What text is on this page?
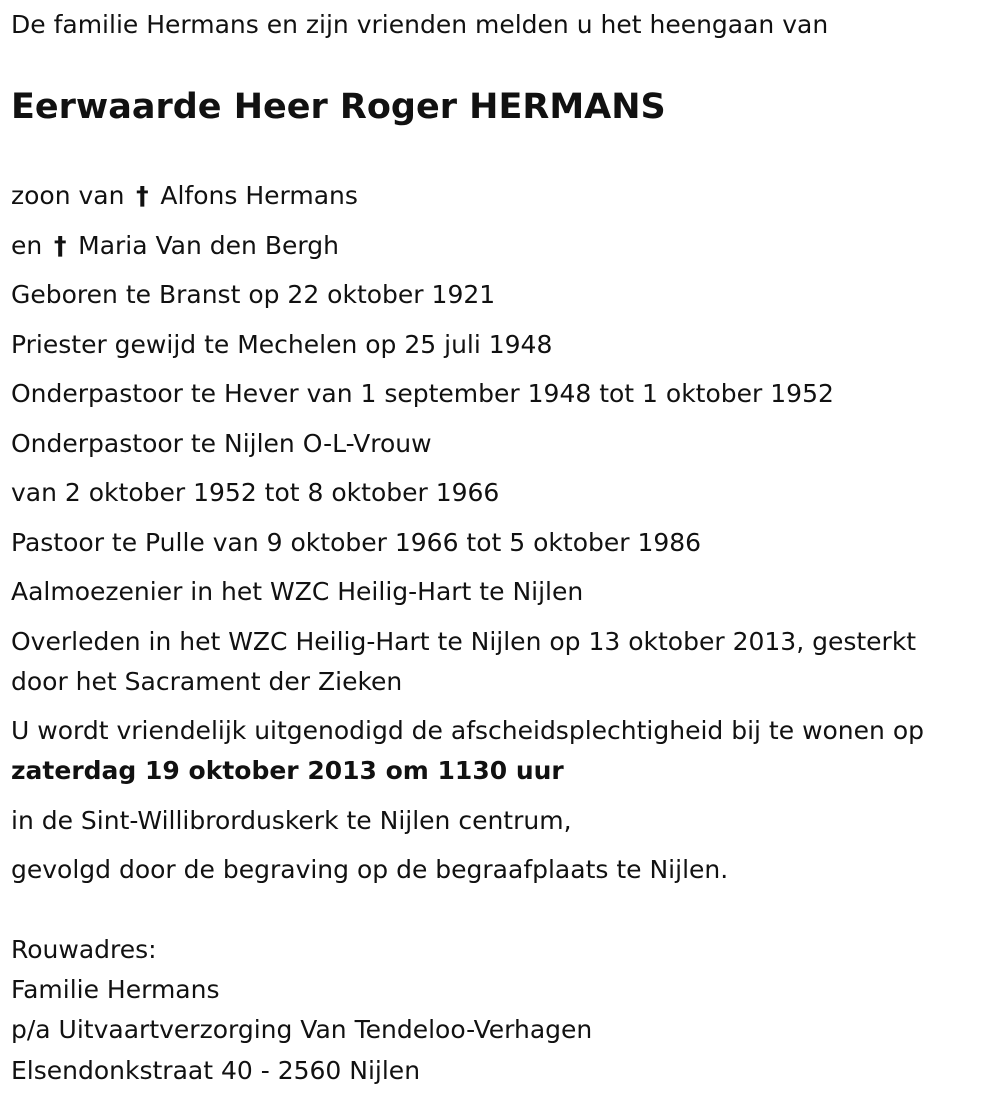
De familie Hermans en zijn vrienden melden u het heengaan van
Eerwaarde Heer Roger HERMANS
zoon van † Alfons Hermans
en † Maria Van den Bergh
Geboren te Branst op 22 oktober 1921
Priester gewijd te Mechelen op 25 juli 1948
Onderpastoor te Hever van 1 september 1948 tot 1 oktober 1952
Onderpastoor te Nijlen O-L-Vrouw
van 2 oktober 1952 tot 8 oktober 1966
Pastoor te Pulle van 9 oktober 1966 tot 5 oktober 1986
Aalmoezenier in het WZC Heilig-Hart te Nijlen
Overleden in het WZC Heilig-Hart te Nijlen op 13 oktober 2013, gesterkt
door het Sacrament der Zieken
U wordt vriendelijk uitgenodigd de afscheidsplechtigheid bij te wonen op
zaterdag 19 oktober 2013 om 1130 uur
in de Sint-Willibrorduskerk te Nijlen centrum,
gevolgd door de begraving op de begraafplaats te Nijlen.
Rouwadres:
Familie Hermans
p/a Uitvaartverzorging Van Tendeloo-Verhagen
Elsendonkstraat 40 - 2560 Nijlen
